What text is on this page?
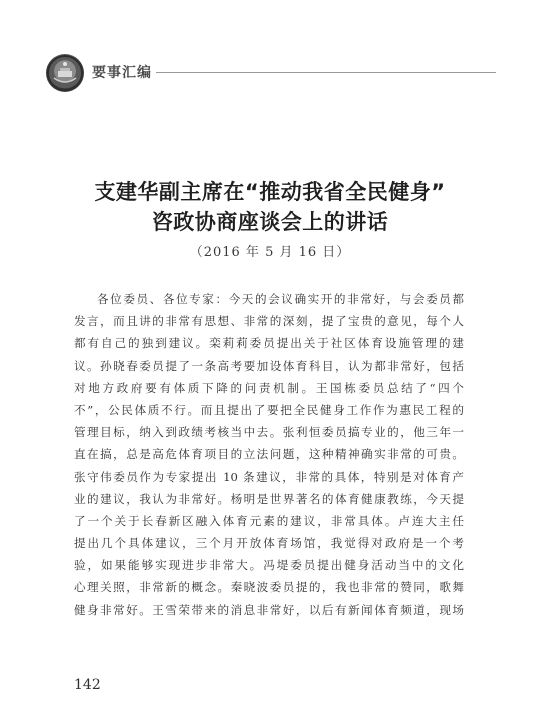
要事汇编
支建华副主席在“推动我省全民健身”
咨政协商座谈会上的讲话
（2016 年 5 月 16 日）
各位委员、各位专家：今天的会议确实开的非常好，与会委员都
发言，而且讲的非常有思想、非常的深刻，提了宝贵的意见，每个人
都有自己的独到建议。栾莉莉委员提出关于社区体育设施管理的建
议。孙晓春委员提了一条高考要加设体育科目，认为都非常好，包括
对地方政府要有体质下降的问责机制。王国栋委员总结了“四个
不”，公民体质不行。而且提出了要把全民健身工作作为惠民工程的
管理目标，纳入到政绩考核当中去。张利恒委员搞专业的，他三年一
直在搞，总是高危体育项目的立法问题，这种精神确实非常的可贵。
张守伟委员作为专家提出 10 条建议，非常的具体，特别是对体育产
业的建议，我认为非常好。杨明是世界著名的体育健康教练，今天提
了一个关于长春新区融入体育元素的建议，非常具体。卢连大主任
提出几个具体建议，三个月开放体育场馆，我觉得对政府是一个考
验，如果能够实现进步非常大。冯堤委员提出健身活动当中的文化
心理关照，非常新的概念。秦晓波委员提的，我也非常的赞同，歌舞
健身非常好。王雪荣带来的消息非常好，以后有新闻体育频道，现场
142
